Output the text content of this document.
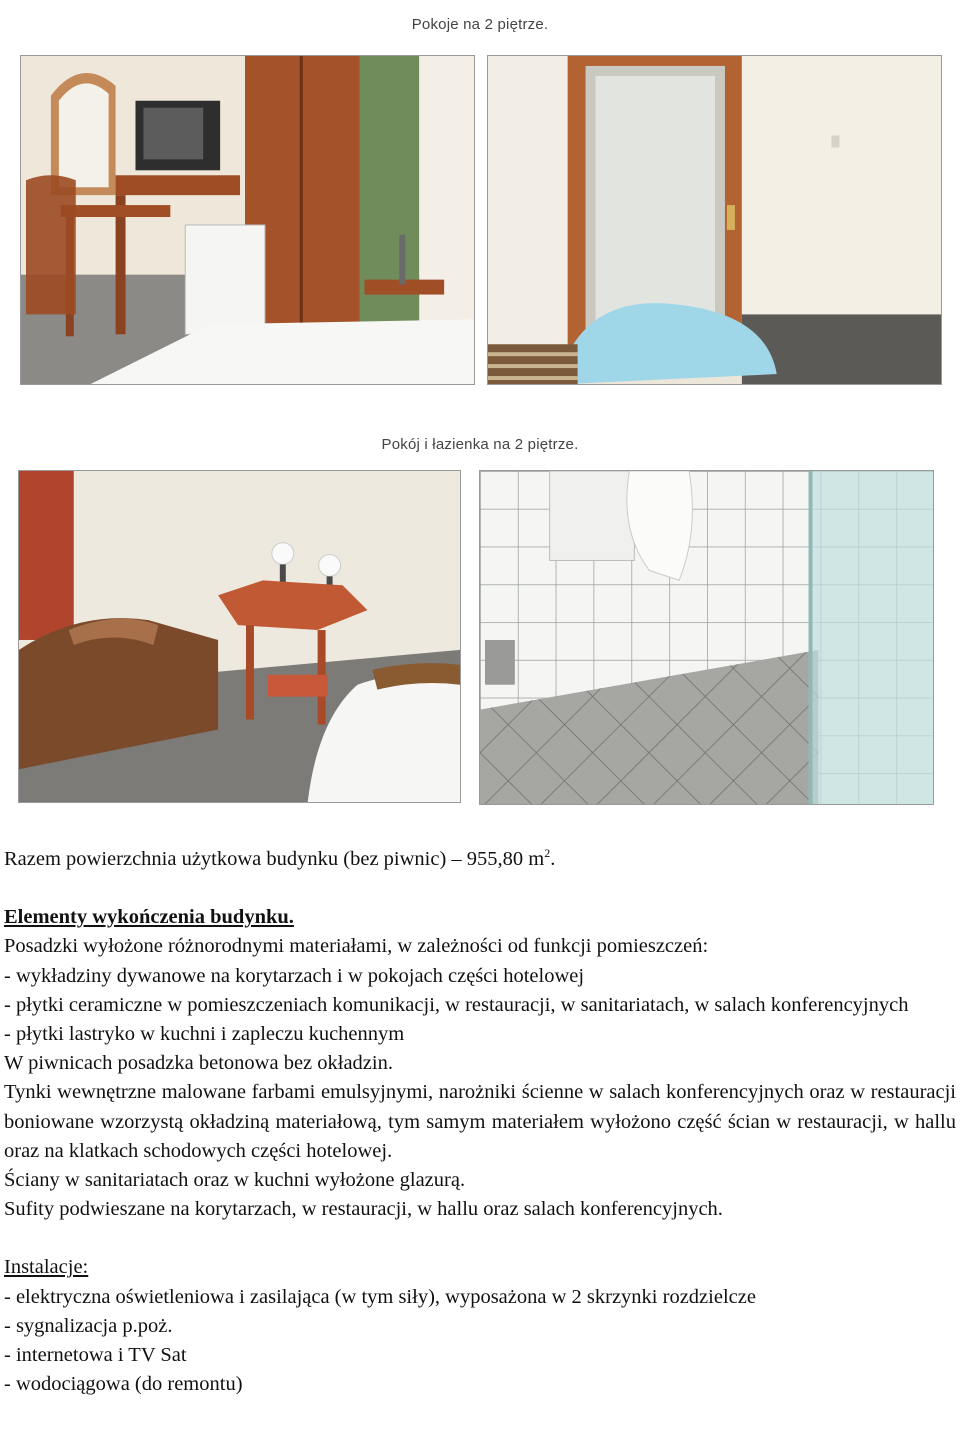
Pokoje na 2 piętrze.
Pokój i łazienka na 2 piętrze.

Razem powierzchnia użytkowa budynku (bez piwnic) – 955,80 $m^2$.

Elementy wykończenia budynku.

Posadzki wyłożone różnorodnymi materiałami, w zależności od funkcji pomieszczeń:

- wykładziny dywanowe na korytarzach i w pokojach części hotelowej

- płytki ceramiczne w pomieszczeniach komunikacji, w restauracji, w sanitariatach, w salach konferencyjnych

- płytki lastryko w kuchni i zapleczu kuchennym

W piwnicach posadzka betonowa bez okładzin.

Tynki wewnętrzne malowane farbami emulsyjnymi, narożniki ścienne w salach konferencyjnych oraz w restauracji boniowane wzorzystą okładziną materiałową, tym samym materiałem wyłożono część ścian w restauracji, w hallu oraz na klatkach schodowych części hotelowej.

Ściany w sanitariatach oraz w kuchni wyłożone glazurą.

Sufity podwieszane na korytarzach, w restauracji, w hallu oraz salach konferencyjnych.

Instalacje:

- elektryczna oświetleniowa i zasilająca (w tym siły), wyposażona w 2 skrzynki rozdzielcze

- sygnalizacja p.poż.

- internetowa i TV Sat

- wodociągowa (do remontu)
